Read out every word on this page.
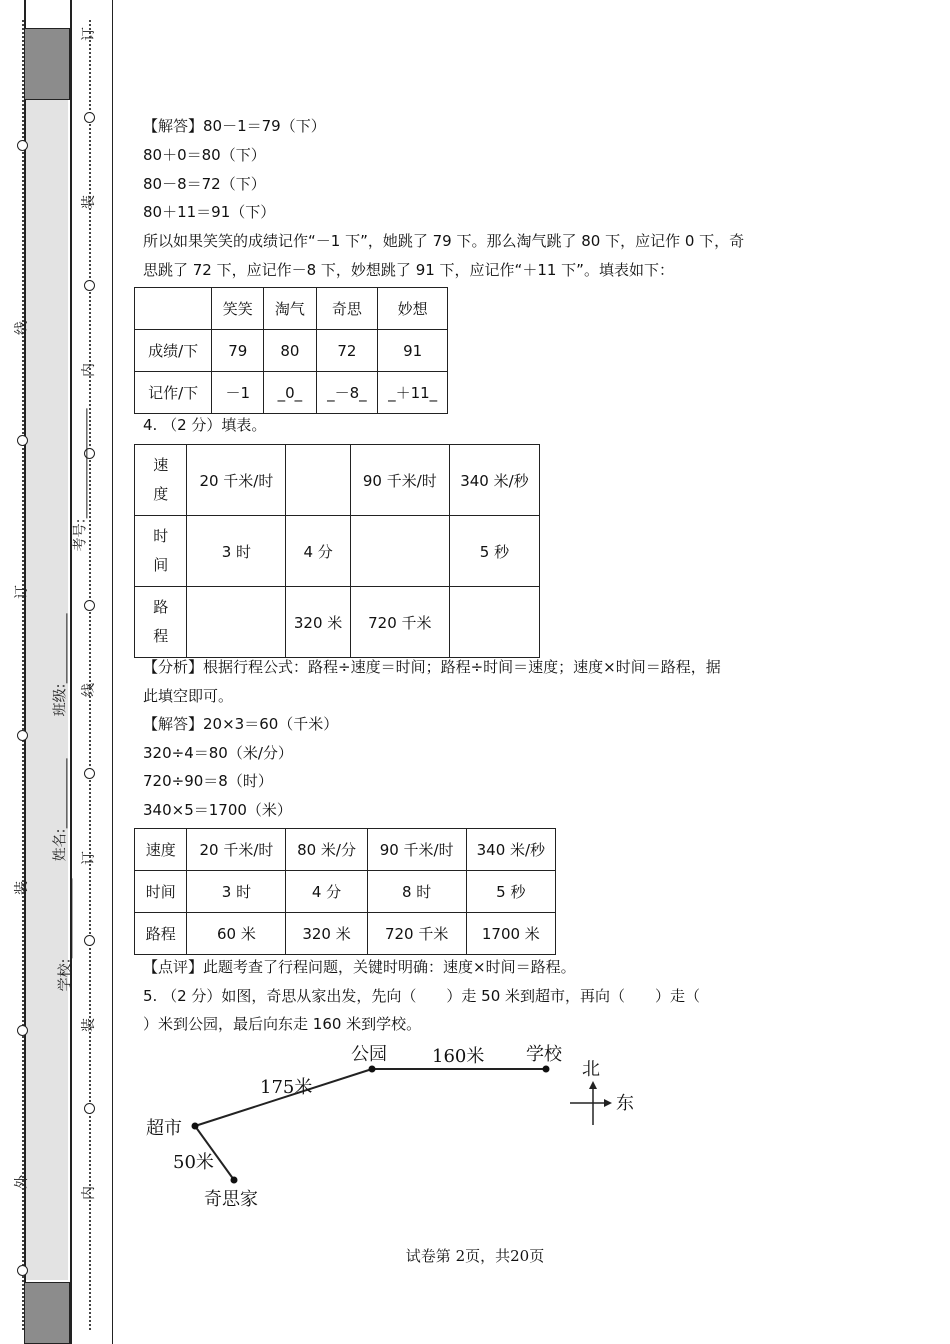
订
装
内
线
订
装
内
线
订
装
外
考号:
班级:
姓名:
学校:
【解答】80－1＝79（下）
80＋0＝80（下）
80－8＝72（下）
80＋11＝91（下）
所以如果笑笑的成绩记作“－1 下”，她跳了 79 下。那么淘气跳了 80 下，应记作 0 下，奇
思跳了 72 下，应记作－8 下，妙想跳了 91 下，应记作“＋11 下”。填表如下：
	笑笑	淘气	奇思	妙想
成绩/下	79	80	72	91
记作/下	－1	_0_	_－8_	_＋11_
4. （2 分）填表。
速
度	20 千米/时		90 千米/时	340 米/秒
时
间	3 时	4 分		5 秒
路
程		320 米	720 千米	
【分析】根据行程公式：路程÷速度＝时间；路程÷时间＝速度；速度×时间＝路程，据
此填空即可。
【解答】20×3＝60（千米）
320÷4＝80（米/分）
720÷90＝8（时）
340×5＝1700（米）
速度	20 千米/时	80 米/分	90 千米/时	340 米/秒
时间	3 时	4 分	8 时	5 秒
路程	60 米	320 米	720 千米	1700 米
【点评】此题考查了行程问题，关键时明确：速度×时间＝路程。
5. （2 分）如图，奇思从家出发，先向（　　）走 50 米到超市，再向（　　）走（
）米到公园，最后向东走 160 米到学校。
公园	学校
超市
奇思家
175米
160米
50米
北
东
试卷第 2页，共20页
